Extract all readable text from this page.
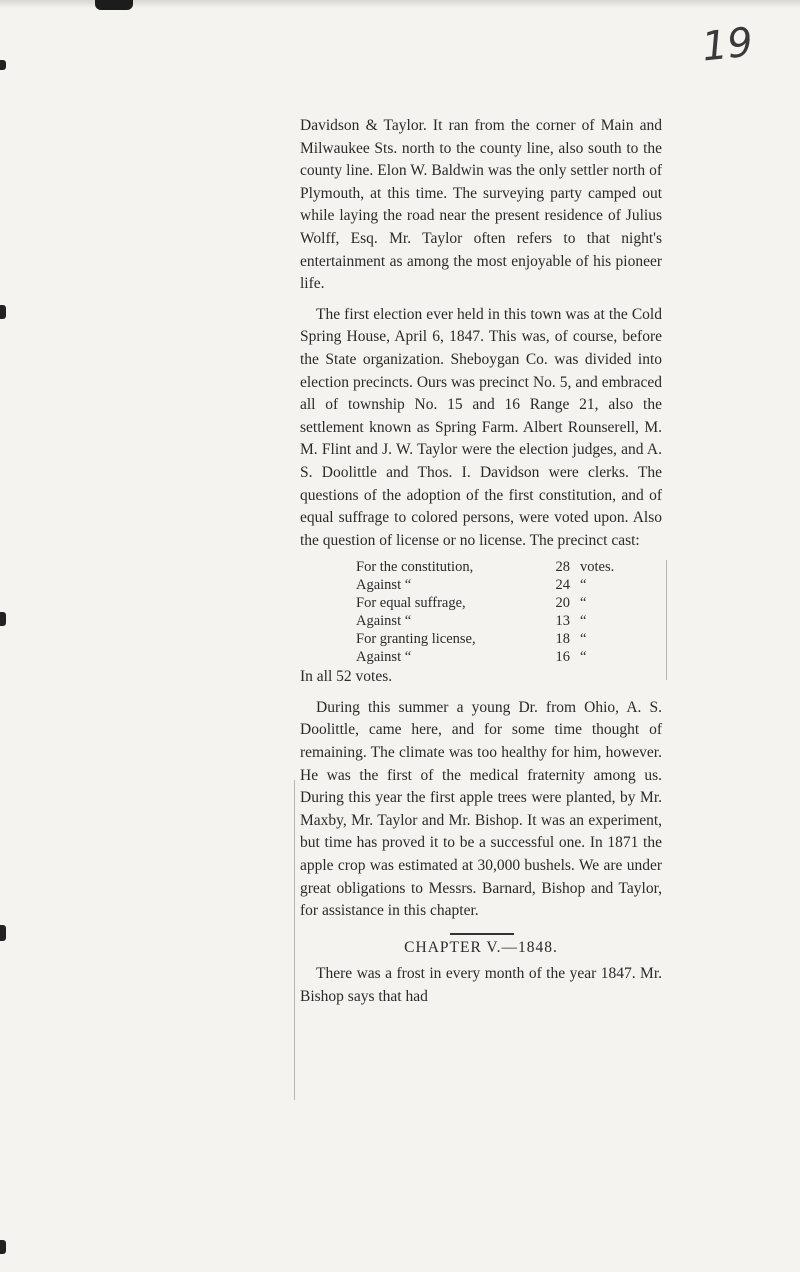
19

Davidson & Taylor. It ran from the corner of Main and Milwaukee Sts. north to the county line, also south to the county line. Elon W. Baldwin was the only settler north of Plymouth, at this time. The surveying party camped out while laying the road near the present residence of Julius Wolff, Esq. Mr. Taylor often refers to that night's entertainment as among the most enjoyable of his pioneer life.

The first election ever held in this town was at the Cold Spring House, April 6, 1847. This was, of course, before the State organization. Sheboygan Co. was divided into election precincts. Ours was precinct No. 5, and embraced all of township No. 15 and 16 Range 21, also the settlement known as Spring Farm. Albert Rounserell, M. M. Flint and J. W. Taylor were the election judges, and A. S. Doolittle and Thos. I. Davidson were clerks. The questions of the adoption of the first constitution, and of equal suffrage to colored persons, were voted upon. Also the question of license or no license. The precinct cast:

For the constitution,	28 votes.
Against “	24 “
For equal suffrage,	20 “
Against “	13 “
For granting license,	18 “
Against “	16 “

In all 52 votes.

During this summer a young Dr. from Ohio, A. S. Doolittle, came here, and for some time thought of remaining. The climate was too healthy for him, however. He was the first of the medical fraternity among us. During this year the first apple trees were planted, by Mr. Maxby, Mr. Taylor and Mr. Bishop. It was an experiment, but time has proved it to be a successful one. In 1871 the apple crop was estimated at 30,000 bushels. We are under great obligations to Messrs. Barnard, Bishop and Taylor, for assistance in this chapter.

CHAPTER V.—1848.

There was a frost in every month of the year 1847. Mr. Bishop says that had
